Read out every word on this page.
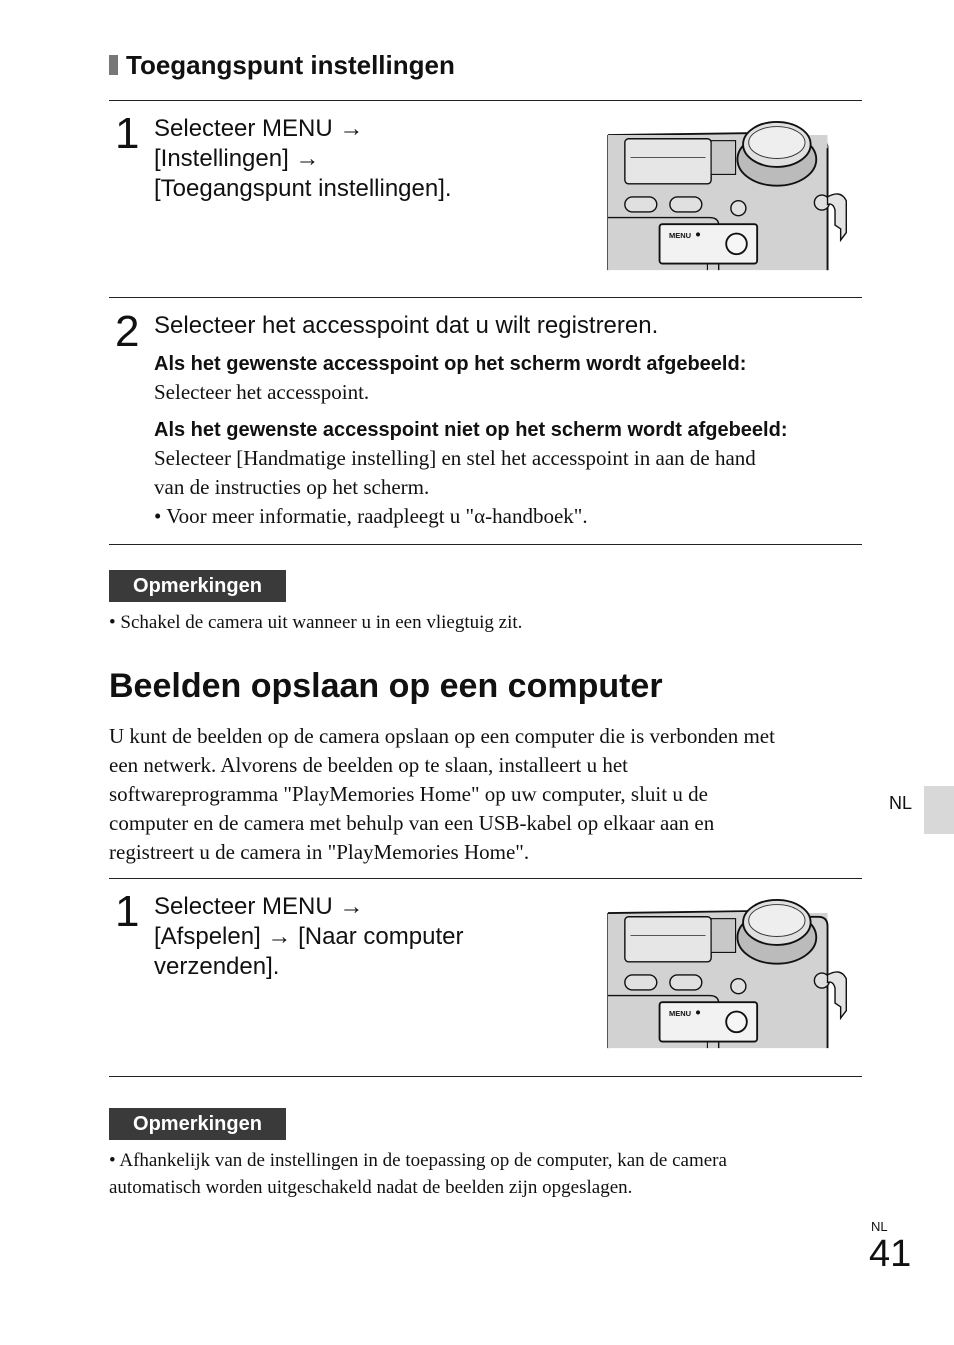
Toegangspunt instellingen
1 Selecteer MENU →
[Instellingen] →
[Toegangspunt instellingen].
MENU
2 Selecteer het accesspoint dat u wilt registreren.
Als het gewenste accesspoint op het scherm wordt afgebeeld:
Selecteer het accesspoint.
Als het gewenste accesspoint niet op het scherm wordt afgebeeld:
Selecteer [Handmatige instelling] en stel het accesspoint in aan de hand
van de instructies op het scherm.
• Voor meer informatie, raadpleegt u "α-handboek".
Opmerkingen
• Schakel de camera uit wanneer u in een vliegtuig zit.
Beelden opslaan op een computer
U kunt de beelden op de camera opslaan op een computer die is verbonden met
een netwerk. Alvorens de beelden op te slaan, installeert u het
softwareprogramma "PlayMemories Home" op uw computer, sluit u de
computer en de camera met behulp van een USB-kabel op elkaar aan en
registreert u de camera in "PlayMemories Home".
1 Selecteer MENU →
[Afspelen] → [Naar computer
verzenden].
MENU
Opmerkingen
• Afhankelijk van de instellingen in de toepassing op de computer, kan de camera
automatisch worden uitgeschakeld nadat de beelden zijn opgeslagen.
NL
NL
41
